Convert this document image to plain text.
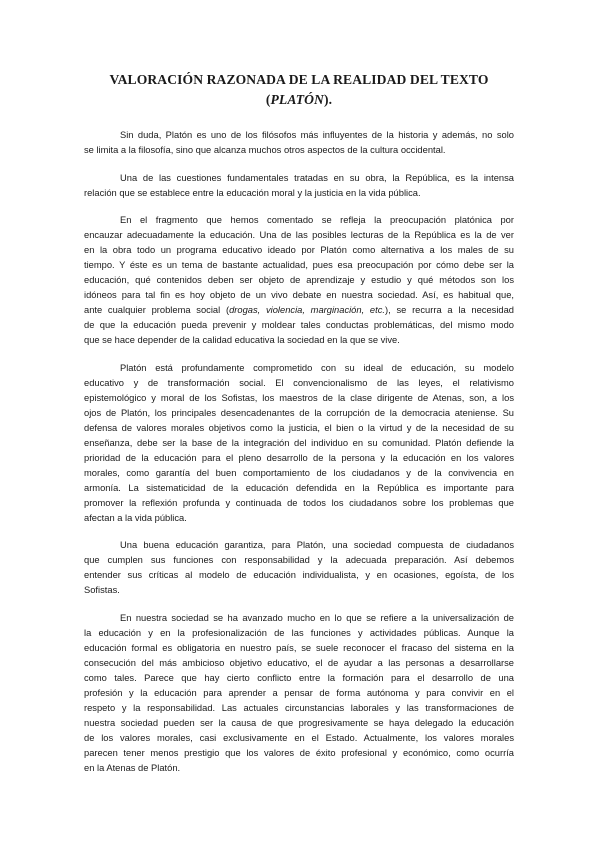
VALORACIÓN RAZONADA DE LA REALIDAD DEL TEXTO
(PLATÓN).
Sin duda, Platón es uno de los filósofos más influyentes de la historia y además, no solo
se limita a la filosofía, sino que alcanza muchos otros aspectos de la cultura occidental.
Una de las cuestiones fundamentales tratadas en su obra, la República, es la intensa
relación que se establece entre la educación moral y la justicia en la vida pública.
En el fragmento que hemos comentado se refleja la preocupación platónica por
encauzar adecuadamente la educación. Una de las posibles lecturas de la República es la de ver
en la obra todo un programa educativo ideado por Platón como alternativa a los males de su
tiempo. Y éste es un tema de bastante actualidad, pues esa preocupación por cómo debe ser la
educación, qué contenidos deben ser objeto de aprendizaje y estudio y qué métodos son los
idóneos para tal fin es hoy objeto de un vivo debate en nuestra sociedad. Así, es habitual que,
ante cualquier problema social (drogas, violencia, marginación, etc.), se recurra a la necesidad
de que la educación pueda prevenir y moldear tales conductas problemáticas, del mismo modo
que se hace depender de la calidad educativa la sociedad en la que se vive.
Platón está profundamente comprometido con su ideal de educación, su modelo
educativo y de transformación social. El convencionalismo de las leyes, el relativismo
epistemológico y moral de los Sofistas, los maestros de la clase dirigente de Atenas, son, a los
ojos de Platón, los principales desencadenantes de la corrupción de la democracia ateniense. Su
defensa de valores morales objetivos como la justicia, el bien o la virtud y de la necesidad de su
enseñanza, debe ser la base de la integración del individuo en su comunidad. Platón defiende la
prioridad de la educación para el pleno desarrollo de la persona y la educación en los valores
morales, como garantía del buen comportamiento de los ciudadanos y de la convivencia en
armonía. La sistematicidad de la educación defendida en la República es importante para
promover la reflexión profunda y continuada de todos los ciudadanos sobre los problemas que
afectan a la vida pública.
Una buena educación garantiza, para Platón, una sociedad compuesta de ciudadanos
que cumplen sus funciones con responsabilidad y la adecuada preparación. Así debemos
entender sus críticas al modelo de educación individualista, y en ocasiones, egoísta, de los
Sofistas.
En nuestra sociedad se ha avanzado mucho en lo que se refiere a la universalización de
la educación y en la profesionalización de las funciones y actividades públicas. Aunque la
educación formal es obligatoria en nuestro país, se suele reconocer el fracaso del sistema en la
consecución del más ambicioso objetivo educativo, el de ayudar a las personas a desarrollarse
como tales. Parece que hay cierto conflicto entre la formación para el desarrollo de una
profesión y la educación para aprender a pensar de forma autónoma y para convivir en el
respeto y la responsabilidad. Las actuales circunstancias laborales y las transformaciones de
nuestra sociedad pueden ser la causa de que progresivamente se haya delegado la educación
de los valores morales, casi exclusivamente en el Estado. Actualmente, los valores morales
parecen tener menos prestigio que los valores de éxito profesional y económico, como ocurría
en la Atenas de Platón.
